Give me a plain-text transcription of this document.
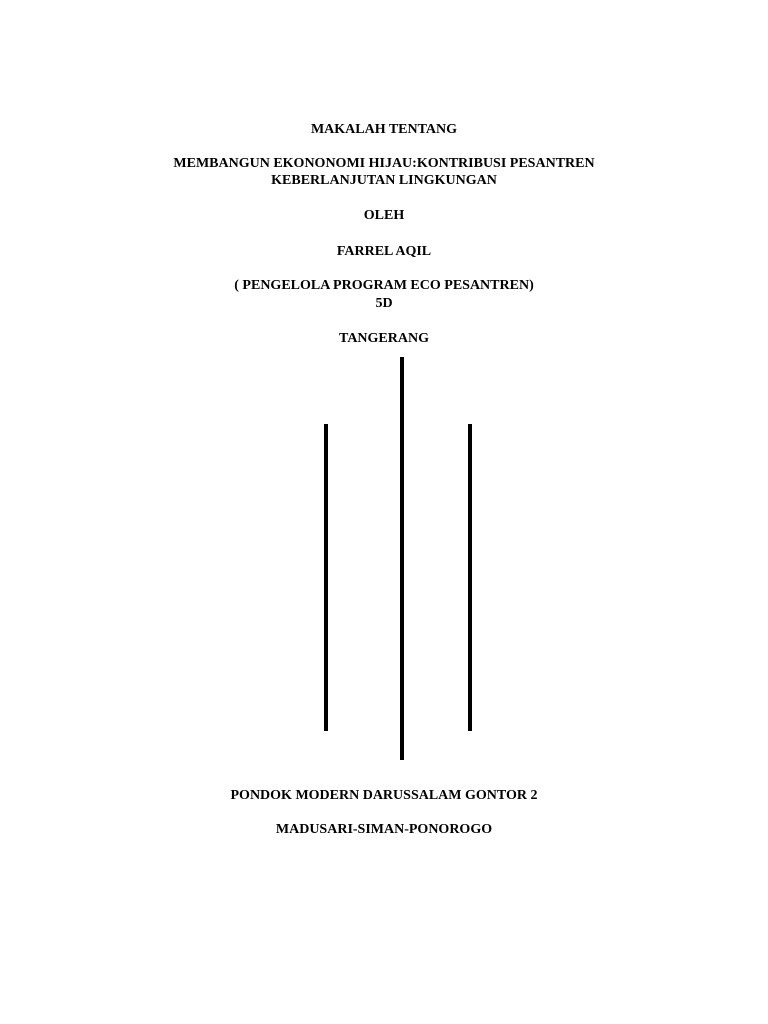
MAKALAH TENTANG

MEMBANGUN EKONONOMI HIJAU:KONTRIBUSI PESANTREN

KEBERLANJUTAN LINGKUNGAN

OLEH

FARREL AQIL

( PENGELOLA PROGRAM ECO PESANTREN)

5D

TANGERANG

PONDOK MODERN DARUSSALAM GONTOR 2

MADUSARI-SIMAN-PONOROGO
